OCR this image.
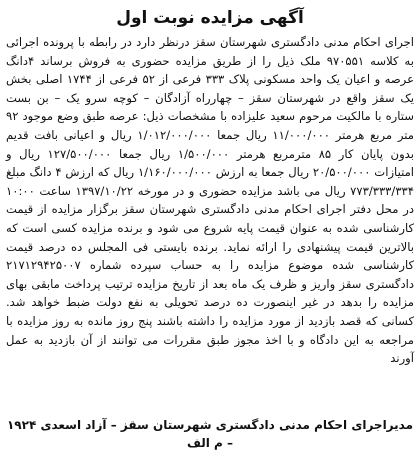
آگهی مزایده نوبت اول
اجرای احکام مدنی دادگستری شهرستان سقز درنظر دارد در رابطه با پرونده اجرائی به کلاسه ۹۷۰۵۵۱ ملک ذیل را از طریق مزایده حضوری به فروش برساند ۴دانگ عرصه و اعیان یک واحد مسکونی پلاک ۳۳۳ فرعی از ۵۲ فرعی از ۱۷۴۴ اصلی بخش یک سقز واقع در شهرستان سقز – چهارراه آزادگان – کوچه سرو یک – بن بست ستاره با مالکیت مرحوم سعید علیزاده با مشخصات ذیل: عرصه طبق وضع موجود ۹۲ متر مربع هرمتر ۱۱/۰۰۰/۰۰۰ ریال جمعا ۱/۰۱۲/۰۰۰/۰۰۰ ریال و اعیانی بافت قدیم بدون پایان کار ۸۵ مترمربع هرمتر ۱/۵۰۰/۰۰۰ ریال جمعا ۱۲۷/۵۰۰/۰۰۰ ریال و امتیازات ۲۰/۵۰۰/۰۰۰ ریال جمعا به ارزش ۱/۱۶۰/۰۰۰/۰۰۰ ریال که ارزش ۴ دانگ مبلغ ۷۷۳/۳۳۳/۳۳۴ ریال می باشد مزایده حضوری و در مورخه ۱۳۹۷/۱۰/۲۲ ساعت ۱۰:۰۰ در محل دفتر اجرای احکام مدنی دادگستری شهرستان سقز برگزار مزایده از قیمت کارشناسی شده به عنوان قیمت پایه شروع می شود و برنده مزایده کسی است که بالاترین قیمت پیشنهادی را ارائه نماید. برنده بایستی فی المجلس ده درصد قیمت کارشناسی شده موضوع مزایده را به حساب سپرده شماره ۲۱۷۱۲۹۴۲۵۰۰۷ دادگستری سقز واریز و ظرف یک ماه بعد از تاریخ مزایده ترتیب پرداخت مابقی بهای مزایده را بدهد در غیر اینصورت ده درصد تحویلی به نفع دولت ضبط خواهد شد. کسانی که قصد بازدید از مورد مزایده را داشته باشند پنج روز مانده به روز مزایده با مراجعه به این دادگاه و با اخذ مجوز طبق مقررات می توانند از آن بازدید به عمل آورند
مدیراجرای احکام مدنی دادگستری شهرستان سقز – آزاد اسعدی ۱۹۲۴ – م الف
